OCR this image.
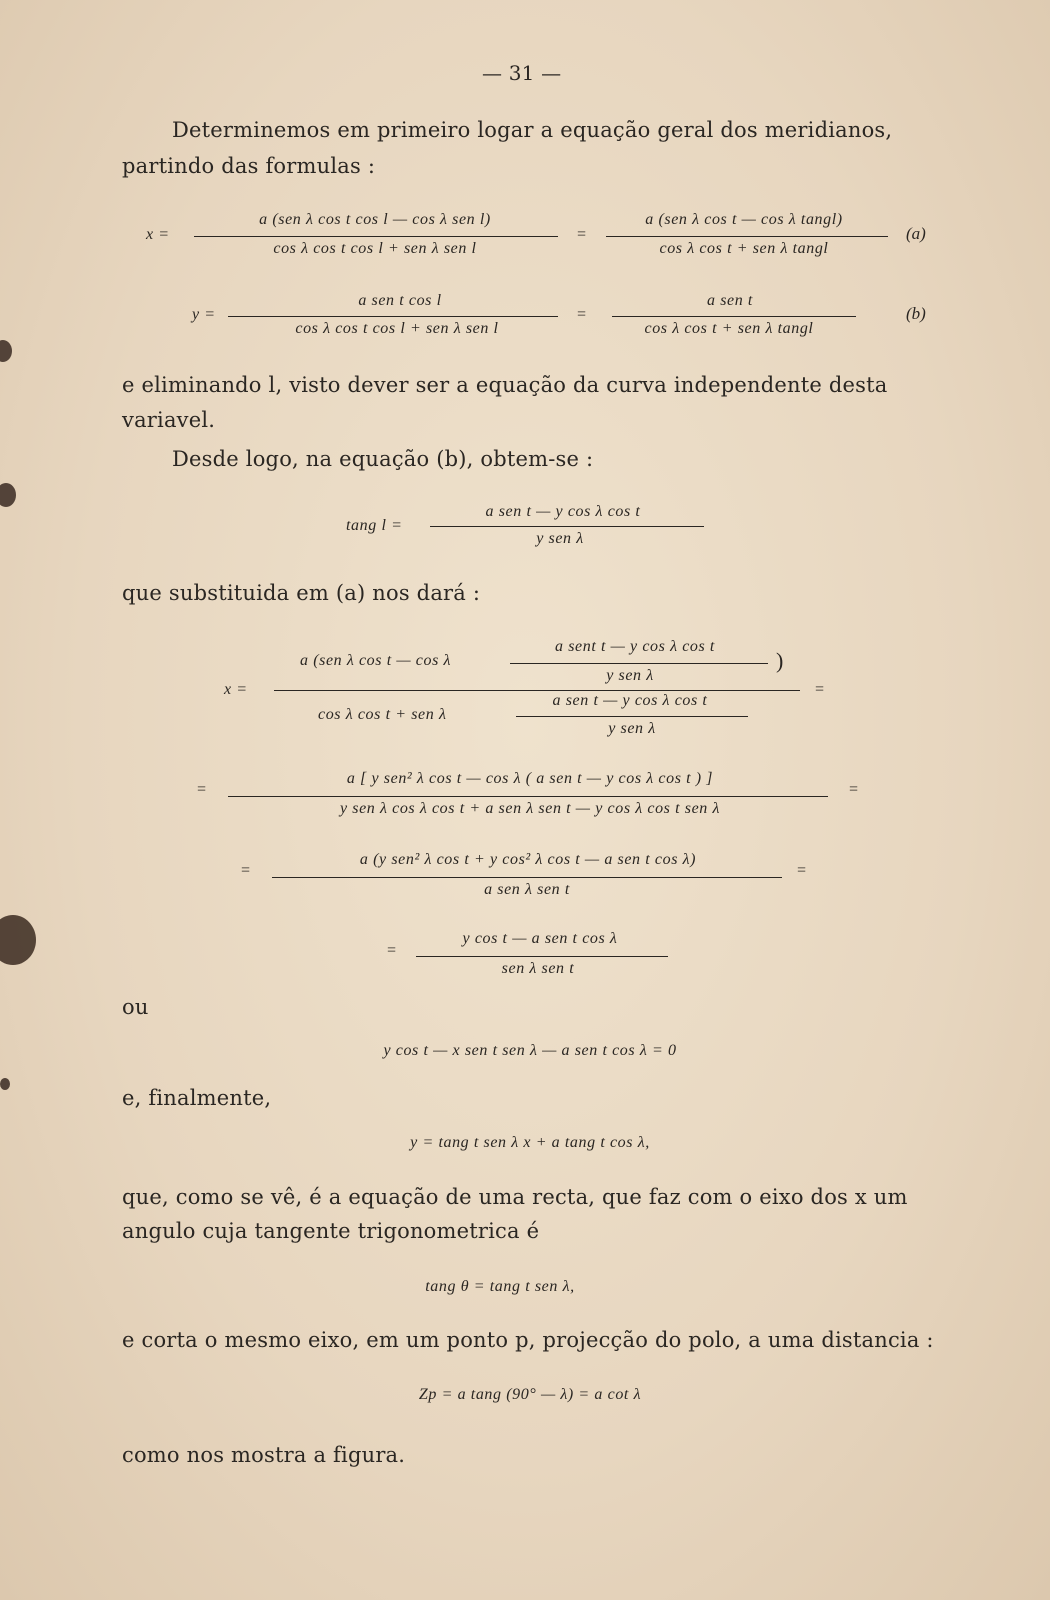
— 31 —
Determinemos em primeiro logar a equação geral dos meridianos,
partindo das formulas :
x =
a (sen λ cos t cos l — cos λ sen l)
cos λ cos t cos l + sen λ sen l
=
a (sen λ cos t — cos λ tangl)
cos λ cos t + sen λ tangl
(a)
y =
a sen t cos l
cos λ cos t cos l + sen λ sen l
=
a sen t
cos λ cos t + sen λ tangl
(b)
e eliminando l, visto dever ser a equação da curva independente desta
variavel.
Desde logo, na equação (b), obtem-se :
tang l =
a sen t — y cos λ cos t
y sen λ
que substituida em (a) nos dará :
x =
a (sen λ cos t — cos λ
a sent t — y cos λ cos t
y sen λ
)
cos λ cos t + sen λ
a sen t — y cos λ cos t
y sen λ
=
=
a [ y sen² λ cos t — cos λ ( a sen t — y cos λ cos t ) ]
y sen λ cos λ cos t + a sen λ sen t — y cos λ cos t sen λ
=
=
a (y sen² λ cos t + y cos² λ cos t — a sen t cos λ)
a sen λ sen t
=
=
y cos t — a sen t cos λ
sen λ sen t
ou
y cos t — x sen t sen λ — a sen t cos λ = 0
e, finalmente,
y = tang t sen λ x + a tang t cos λ,
que, como se vê, é a equação de uma recta, que faz com o eixo dos x um
angulo cuja tangente trigonometrica é
tang θ = tang t sen λ,
e corta o mesmo eixo, em um ponto p, projecção do polo, a uma distancia :
Zp = a tang (90° — λ) = a cot λ
como nos mostra a figura.
